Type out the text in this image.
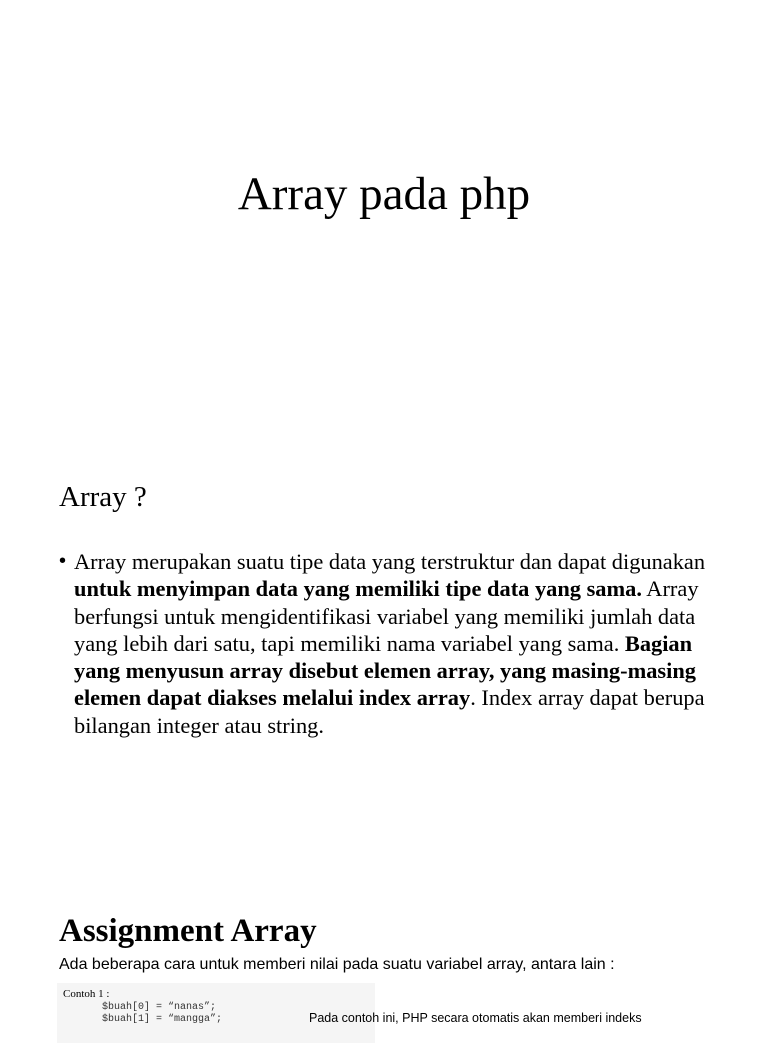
Array pada php
Array ?
• Array merupakan suatu tipe data yang terstruktur dan dapat digunakan untuk menyimpan data yang memiliki tipe data yang sama. Array berfungsi untuk mengidentifikasi variabel yang memiliki jumlah data yang lebih dari satu, tapi memiliki nama variabel yang sama. Bagian yang menyusun array disebut elemen array, yang masing-masing elemen dapat diakses melalui index array. Index array dapat berupa bilangan integer atau string.
Assignment Array

Ada beberapa cara untuk memberi nilai pada suatu variabel array, antara lain :

Contoh 1 :

$buah[0] = “nanas”;

$buah[1] = “mangga”;	Pada contoh ini, PHP secara otomatis akan memberi indeks
